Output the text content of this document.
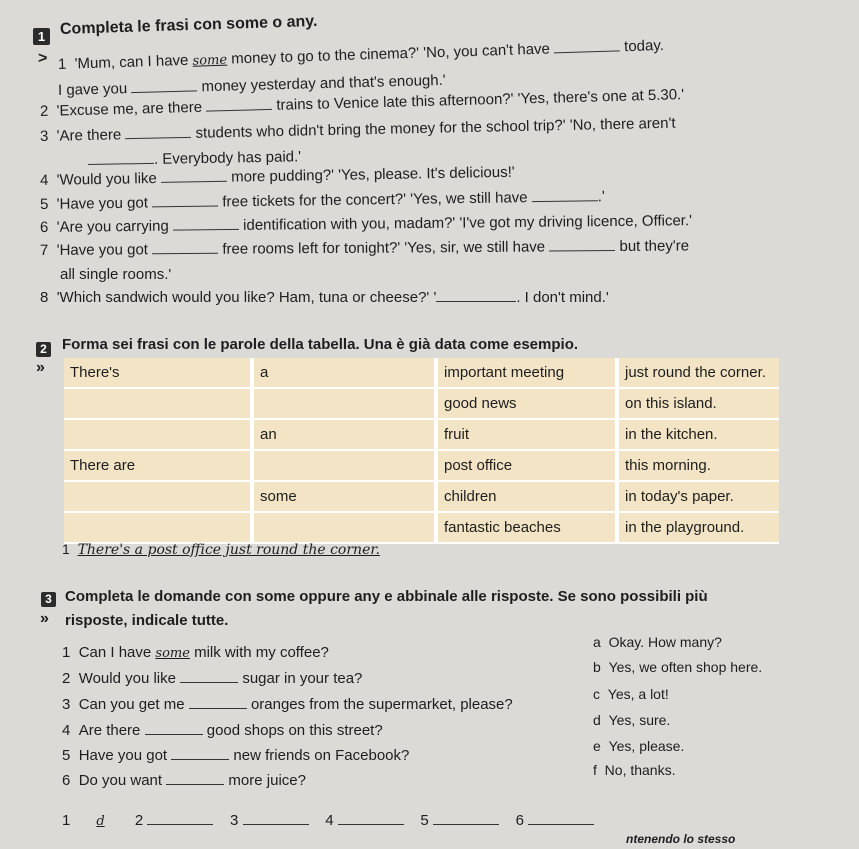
1 Completa le frasi con some o any.
> 1 'Mum, can I have some money to go to the cinema?' 'No, you can't have	today.
I gave you	money yesterday and that's enough.'
2 'Excuse me, are there	trains to Venice late this afternoon?' 'Yes, there's one at 5.30.'
3 'Are there	students who didn't bring the money for the school trip?' 'No, there aren't
. Everybody has paid.'
4 'Would you like	more pudding?' 'Yes, please. It's delicious!'
5 'Have you got	free tickets for the concert?' 'Yes, we still have	.'
6 'Are you carrying	identification with you, madam?' 'I've got my driving licence, Officer.'
7 'Have you got	free rooms left for tonight?' 'Yes, sir, we still have	but they're
all single rooms.'
8 'Which sandwich would you like? Ham, tuna or cheese?' '	. I don't mind.'
2 Forma sei frasi con le parole della tabella. Una è già data come esempio.
» There's	a	important meeting	just round the corner.
		good news	on this island.
	an	fruit	in the kitchen.
There are		post office	this morning.
	some	children	in today's paper.
		fantastic beaches	in the playground.
1 There's a post office just round the corner.
3 Completa le domande con some oppure any e abbinale alle risposte. Se sono possibili più
» risposte, indicale tutte.
1 Can I have some milk with my coffee?
2 Would you like	sugar in your tea?
3 Can you get me	oranges from the supermarket, please?
4 Are there	good shops on this street?
5 Have you got	new friends on Facebook?
6 Do you want	more juice?
a Okay. How many?
b Yes, we often shop here.
c Yes, a lot!
d Yes, sure.
e Yes, please.
f No, thanks.
1 d 2	3	4	5	6
ntenendo lo stesso
